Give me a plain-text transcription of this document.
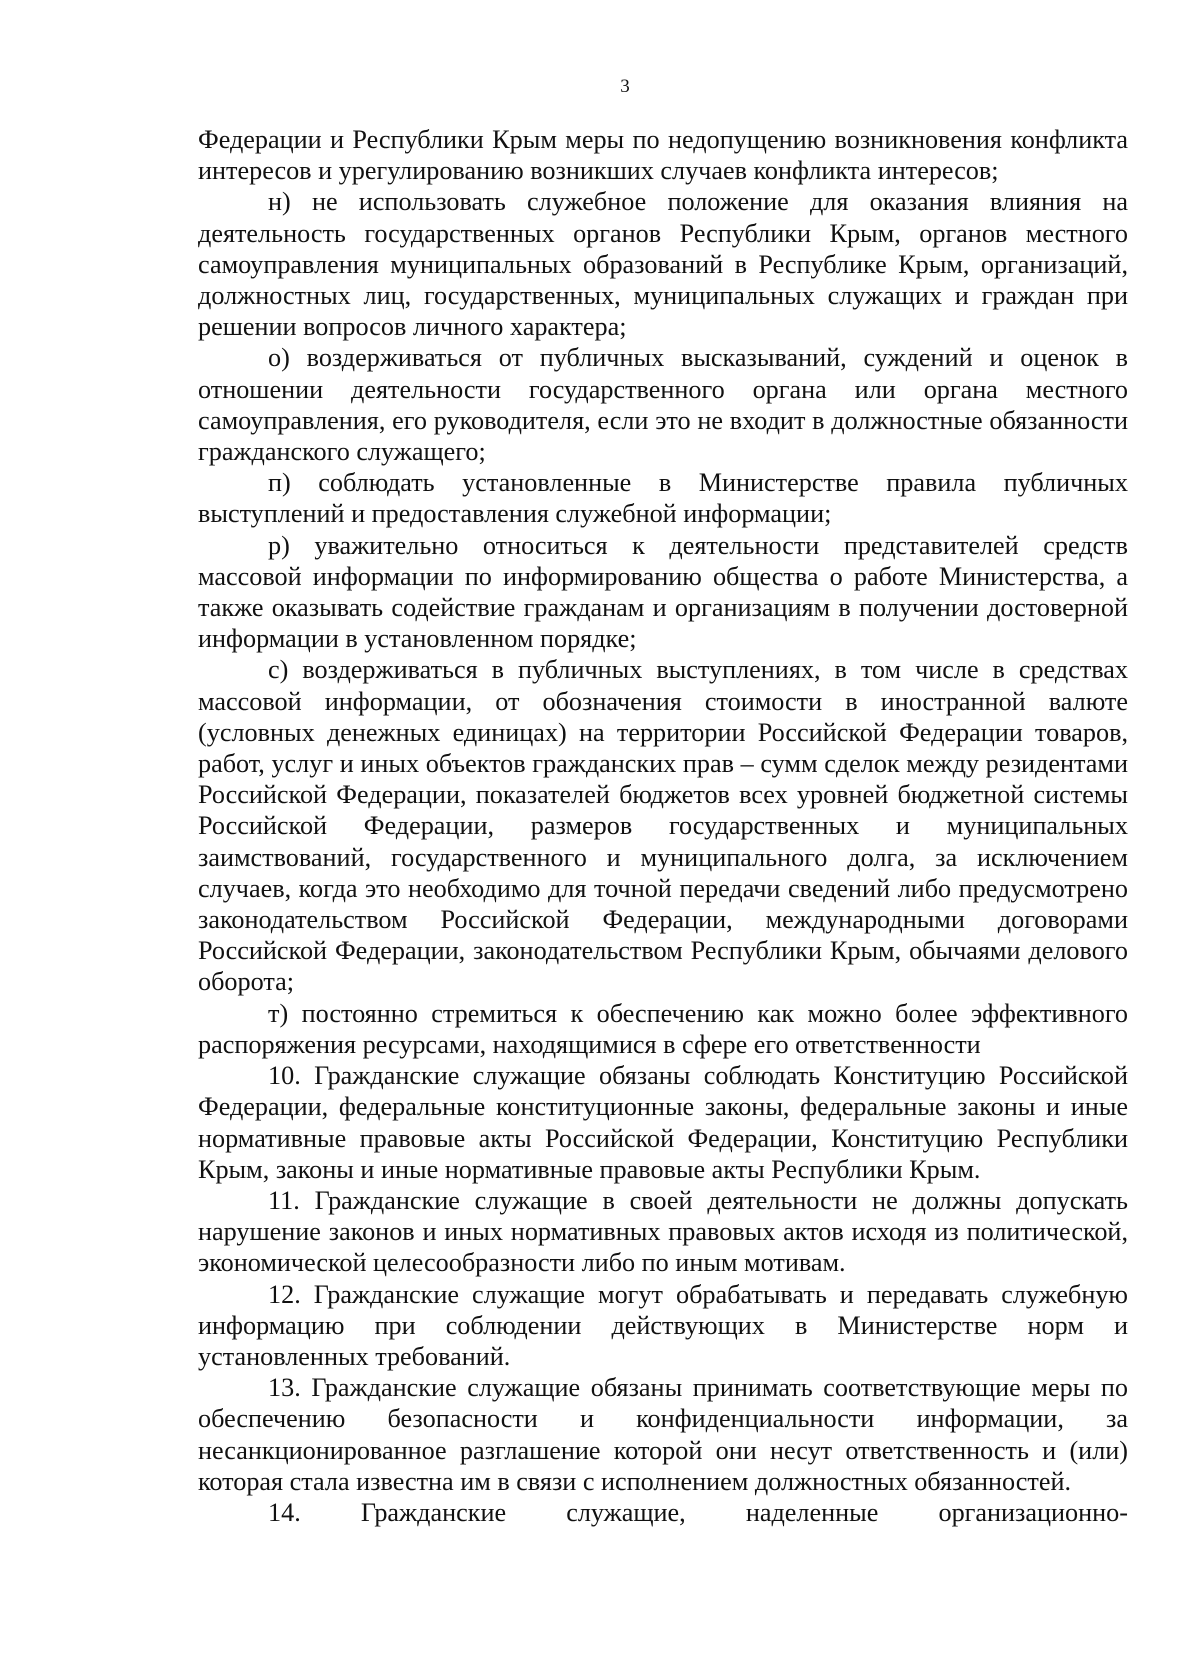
3

Федерации и Республики Крым меры по недопущению возникновения конфликта интересов и урегулированию возникших случаев конфликта интересов;

н) не использовать служебное положение для оказания влияния на деятельность государственных органов Республики Крым, органов местного самоуправления муниципальных образований в Республике Крым, организаций, должностных лиц, государственных, муниципальных служащих и граждан при решении вопросов личного характера;

о) воздерживаться от публичных высказываний, суждений и оценок в отношении деятельности государственного органа или органа местного самоуправления, его руководителя, если это не входит в должностные обязанности гражданского служащего;

п) соблюдать установленные в Министерстве правила публичных выступлений и предоставления служебной информации;

р) уважительно относиться к деятельности представителей средств массовой информации по информированию общества о работе Министерства, а также оказывать содействие гражданам и организациям в получении достоверной информации в установленном порядке;

с) воздерживаться в публичных выступлениях, в том числе в средствах массовой информации, от обозначения стоимости в иностранной валюте (условных денежных единицах) на территории Российской Федерации товаров, работ, услуг и иных объектов гражданских прав – сумм сделок между резидентами Российской Федерации, показателей бюджетов всех уровней бюджетной системы Российской Федерации, размеров государственных и муниципальных заимствований, государственного и муниципального долга, за исключением случаев, когда это необходимо для точной передачи сведений либо предусмотрено законодательством Российской Федерации, международными договорами Российской Федерации, законодательством Республики Крым, обычаями делового оборота;

т) постоянно стремиться к обеспечению как можно более эффективного распоряжения ресурсами, находящимися в сфере его ответственности

10. Гражданские служащие обязаны соблюдать Конституцию Российской Федерации, федеральные конституционные законы, федеральные законы и иные нормативные правовые акты Российской Федерации, Конституцию Республики Крым, законы и иные нормативные правовые акты Республики Крым.

11. Гражданские служащие в своей деятельности не должны допускать нарушение законов и иных нормативных правовых актов исходя из политической, экономической целесообразности либо по иным мотивам.

12. Гражданские служащие могут обрабатывать и передавать служебную информацию при соблюдении действующих в Министерстве норм и установленных требований.

13. Гражданские служащие обязаны принимать соответствующие меры по обеспечению безопасности и конфиденциальности информации, за несанкционированное разглашение которой они несут ответственность и (или) которая стала известна им в связи с исполнением должностных обязанностей.

14. Гражданские служащие, наделенные организационно-
